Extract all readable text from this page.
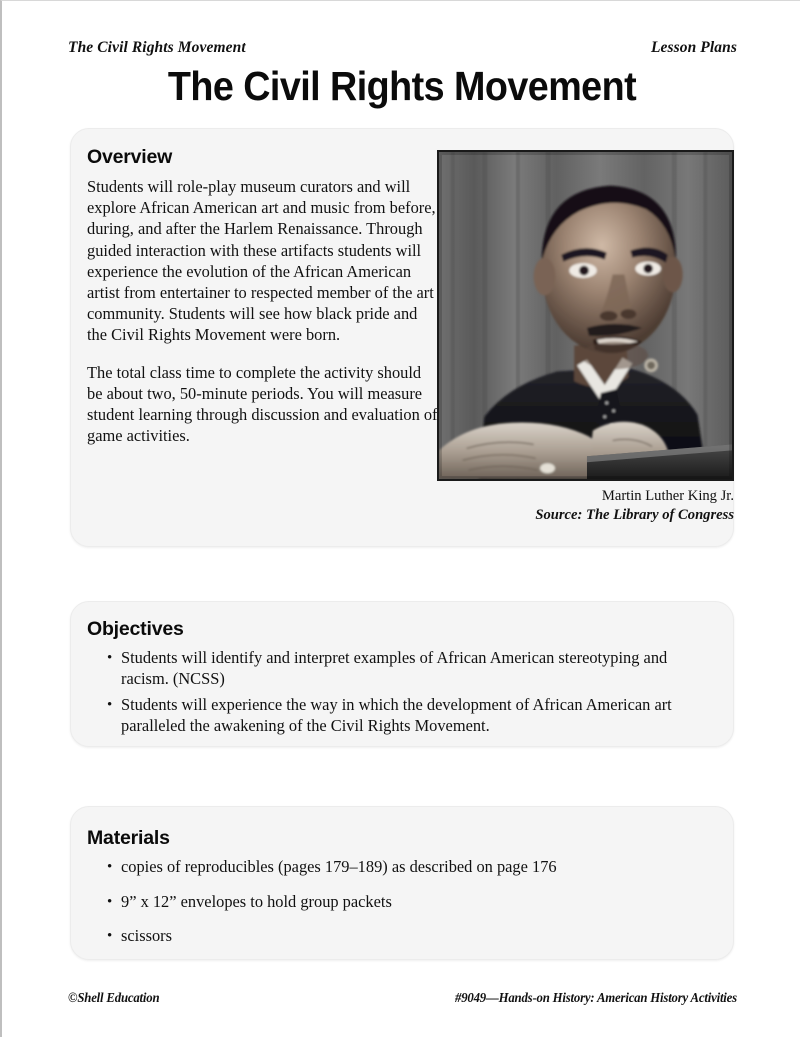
The Civil Rights Movement	Lesson Plans
The Civil Rights Movement
Overview

Students will role-play museum curators and will explore African American art and music from before, during, and after the Harlem Renaissance. Through guided interaction with these artifacts students will experience the evolution of the African American artist from entertainer to respected member of the art community. Students will see how black pride and the Civil Rights Movement were born.

The total class time to complete the activity should be about two, 50-minute periods. You will measure student learning through discussion and evaluation of game activities.

Martin Luther King Jr.
Source: The Library of Congress
Objectives
• Students will identify and interpret examples of African American stereotyping and racism. (NCSS)
• Students will experience the way in which the development of African American art paralleled the awakening of the Civil Rights Movement.
Materials
• copies of reproducibles (pages 179–189) as described on page 176
• 9” x 12” envelopes to hold group packets
• scissors
©Shell Education	#9049—Hands-on History: American History Activities
